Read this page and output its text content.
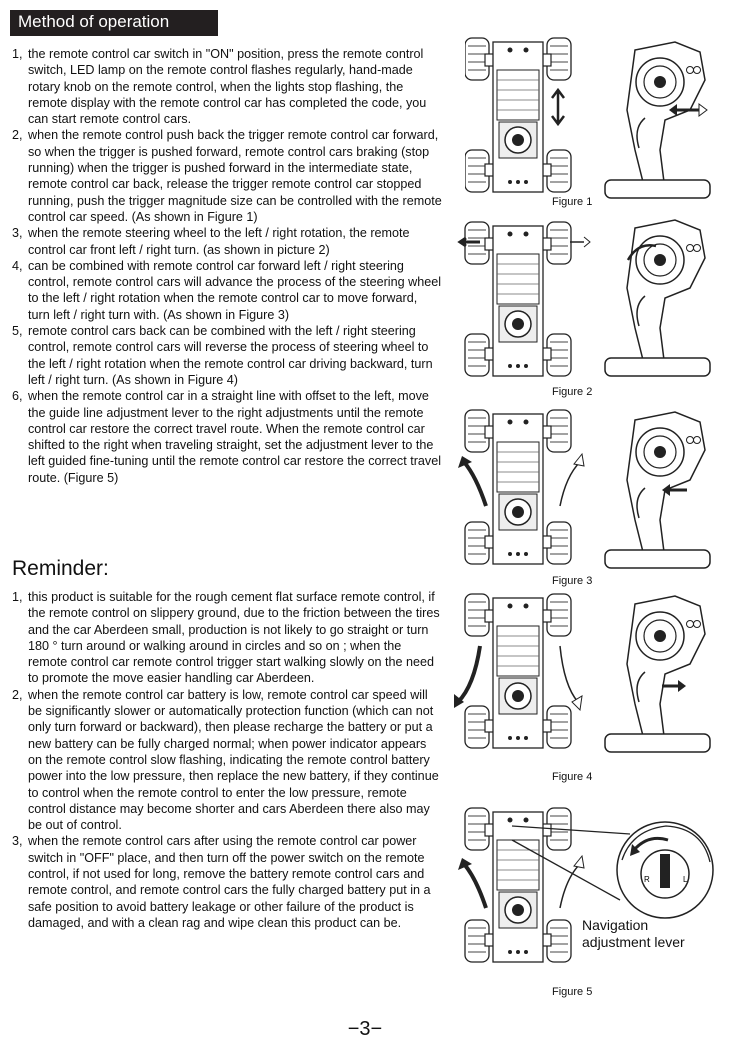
Method of operation
1, the remote control car switch in "ON" position, press the remote control switch, LED lamp on the remote control flashes regularly, hand-made rotary knob on the remote control, when the lights stop flashing, the remote display with the remote control car has completed the code, you can start remote control cars.
2, when the remote control push back the trigger remote control car forward, so when the trigger is pushed forward, remote control cars braking (stop running) when the trigger is pushed forward in the intermediate state, remote control car back, release the trigger remote control car stopped running, push the trigger magnitude size can be controlled with the remote control car speed. (As shown in Figure 1)
3, when the remote steering wheel to the left / right rotation, the remote control car front left / right turn. (as shown in picture 2)
4, can be combined with remote control car forward left / right steering control, remote control cars will advance the process of the steering wheel to the left / right rotation when the remote control car to move forward, turn left / right turn with. (As shown in Figure 3)
5, remote control cars back can be combined with the left / right steering control, remote control cars will reverse the process of steering wheel to the left / right rotation when the remote control car driving backward, turn left / right turn. (As shown in Figure 4)
6, when the remote control car in a straight line with offset to the left, move the guide line adjustment lever to the right adjustments until the remote control car restore the correct travel route. When the remote control car shifted to the right when traveling straight, set the adjustment lever to the left guided fine-tuning until the remote control car restore the correct travel route. (Figure 5)
Reminder:
1, this product is suitable for the rough cement flat surface remote control, if the remote control on slippery ground, due to the friction between the tires and the car Aberdeen small, production is not likely to go straight or turn 180 ° turn around or walking around in circles and so on ; when the remote control car remote control trigger start walking slowly on the need to promote the move easier handling car Aberdeen.
2, when the remote control car battery is low, remote control car speed will be significantly slower or automatically protection function (which can not only turn forward or backward), then please recharge the battery or put a new battery can be fully charged normal; when power indicator appears on the remote control slow flashing, indicating the remote control battery power into the low pressure, then replace the new battery, if they continue to control when the remote control to enter the low pressure, remote control distance may become shorter and cars Aberdeen there also may be out of control.
3, when the remote control cars after using the remote control car power switch in "OFF" place, and then turn off the power switch on the remote control, if not used for long, remove the battery remote control cars and remote control, and remote control cars the fully charged battery put in a safe position to avoid battery leakage or other failure of the product is damaged, and with a clean rag and wipe clean this product can be.
Figure 1
Figure 2
Figure 3
Figure 4
R	L
Navigation
adjustment lever
Figure 5
−3−
